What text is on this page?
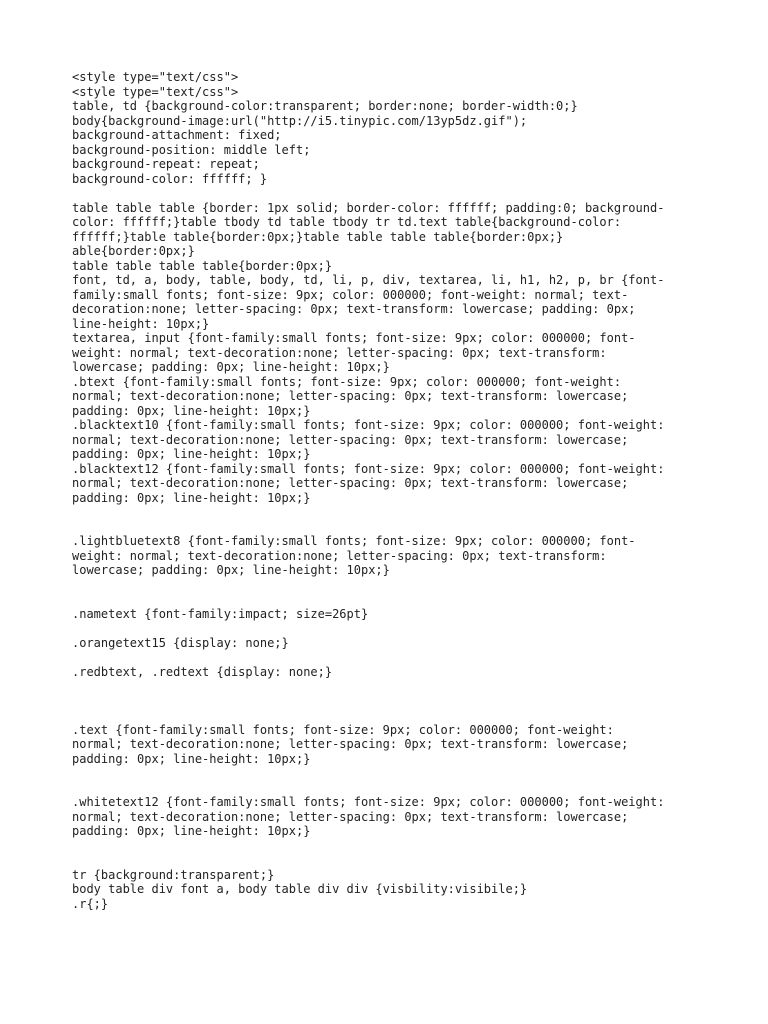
<style type="text/css">
<style type="text/css">
table, td {background-color:transparent; border:none; border-width:0;}
body{background-image:url("http://i5.tinypic.com/13yp5dz.gif");
background-attachment: fixed;
background-position: middle left;
background-repeat: repeat;
background-color: ffffff; }

table table table {border: 1px solid; border-color: ffffff; padding:0; background-
color: ffffff;}table tbody td table tbody tr td.text table{background-color:
ffffff;}table table{border:0px;}table table table table{border:0px;}
able{border:0px;}
table table table table{border:0px;}
font, td, a, body, table, body, td, li, p, div, textarea, li, h1, h2, p, br {font-
family:small fonts; font-size: 9px; color: 000000; font-weight: normal; text-
decoration:none; letter-spacing: 0px; text-transform: lowercase; padding: 0px;
line-height: 10px;}
textarea, input {font-family:small fonts; font-size: 9px; color: 000000; font-
weight: normal; text-decoration:none; letter-spacing: 0px; text-transform:
lowercase; padding: 0px; line-height: 10px;}
.btext {font-family:small fonts; font-size: 9px; color: 000000; font-weight:
normal; text-decoration:none; letter-spacing: 0px; text-transform: lowercase;
padding: 0px; line-height: 10px;}
.blacktext10 {font-family:small fonts; font-size: 9px; color: 000000; font-weight:
normal; text-decoration:none; letter-spacing: 0px; text-transform: lowercase;
padding: 0px; line-height: 10px;}
.blacktext12 {font-family:small fonts; font-size: 9px; color: 000000; font-weight:
normal; text-decoration:none; letter-spacing: 0px; text-transform: lowercase;
padding: 0px; line-height: 10px;}

.lightbluetext8 {font-family:small fonts; font-size: 9px; color: 000000; font-
weight: normal; text-decoration:none; letter-spacing: 0px; text-transform:
lowercase; padding: 0px; line-height: 10px;}

.nametext {font-family:impact; size=26pt}

.orangetext15 {display: none;}

.redbtext, .redtext {display: none;}

.text {font-family:small fonts; font-size: 9px; color: 000000; font-weight:
normal; text-decoration:none; letter-spacing: 0px; text-transform: lowercase;
padding: 0px; line-height: 10px;}

.whitetext12 {font-family:small fonts; font-size: 9px; color: 000000; font-weight:
normal; text-decoration:none; letter-spacing: 0px; text-transform: lowercase;
padding: 0px; line-height: 10px;}

tr {background:transparent;}
body table div font a, body table div div {visbility:visibile;}
.r{;}
